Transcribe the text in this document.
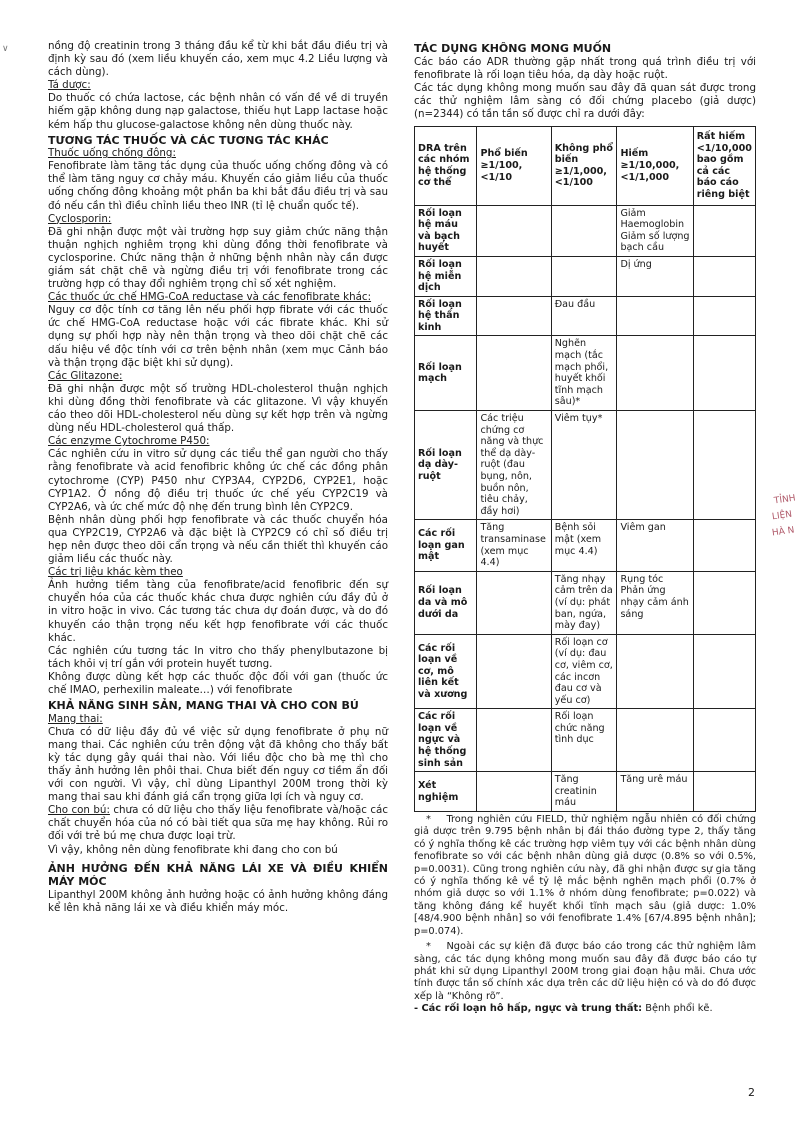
∨	nồng độ creatinin trong 3 tháng đầu kể từ khi bắt đầu điều trị và định kỳ sau đó (xem liều khuyến cáo, xem mục 4.2 Liều lượng và cách dùng).

Tá dược:

Do thuốc có chứa lactose, các bệnh nhân có vấn đề về di truyền hiếm gặp không dung nạp galactose, thiếu hụt Lapp lactase hoặc kém hấp thu glucose-galactose không nên dùng thuốc này.

TƯƠNG TÁC THUỐC VÀ CÁC TƯƠNG TÁC KHÁC

Thuốc uống chống đông:

Fenofibrate làm tăng tác dụng của thuốc uống chống đông và có thể làm tăng nguy cơ chảy máu. Khuyến cáo giảm liều của thuốc uống chống đông khoảng một phần ba khi bắt đầu điều trị và sau đó nếu cần thì điều chỉnh liều theo INR (tỉ lệ chuẩn quốc tế).

Cyclosporin:

Đã ghi nhận được một vài trường hợp suy giảm chức năng thận thuận nghịch nghiêm trọng khi dùng đồng thời fenofibrate và cyclosporine. Chức năng thận ở những bệnh nhân này cần được giám sát chặt chẽ và ngừng điều trị với fenofibrate trong các trường hợp có thay đổi nghiêm trọng chỉ số xét nghiệm.

Các thuốc ức chế HMG-CoA reductase và các fenofibrate khác:

Nguy cơ độc tính cơ tăng lên nếu phối hợp fibrate với các thuốc ức chế HMG-CoA reductase hoặc với các fibrate khác. Khi sử dụng sự phối hợp này nên thận trọng và theo dõi chặt chẽ các dấu hiệu về độc tính với cơ trên bệnh nhân (xem mục Cảnh báo và thận trọng đặc biệt khi sử dụng).

Các Glitazone:

Đã ghi nhận được một số trường HDL-cholesterol thuận nghịch khi dùng đồng thời fenofibrate và các glitazone. Vì vậy khuyến cáo theo dõi HDL-cholesterol nếu dùng sự kết hợp trên và ngừng dùng nếu HDL-cholesterol quá thấp.

Các enzyme Cytochrome P450:

Các nghiên cứu in vitro sử dụng các tiểu thể gan người cho thấy rằng fenofibrate và acid fenofibric không ức chế các đồng phân cytochrome (CYP) P450 như CYP3A4, CYP2D6, CYP2E1, hoặc CYP1A2. Ở nồng độ điều trị thuốc ức chế yếu CYP2C19 và CYP2A6, và ức chế mức độ nhẹ đến trung bình lên CYP2C9.

Bệnh nhân dùng phối hợp fenofibrate và các thuốc chuyển hóa qua CYP2C19, CYP2A6 và đặc biệt là CYP2C9 có chỉ số điều trị hẹp nên được theo dõi cẩn trọng và nếu cần thiết thì khuyến cáo giảm liều các thuốc này.

Các trị liệu khác kèm theo

Ảnh hưởng tiềm tàng của fenofibrate/acid fenofibric đến sự chuyển hóa của các thuốc khác chưa được nghiên cứu đầy đủ ở in vitro hoặc in vivo. Các tương tác chưa dự đoán được, và do đó khuyến cáo thận trọng nếu kết hợp fenofibrate với các thuốc khác.

Các nghiên cứu tương tác In vitro cho thấy phenylbutazone bị tách khỏi vị trí gắn với protein huyết tương.

Không được dùng kết hợp các thuốc độc đối với gan (thuốc ức chế IMAO, perhexilin maleate…) với fenofibrate

KHẢ NĂNG SINH SẢN, MANG THAI VÀ CHO CON BÚ

Mang thai:

Chưa có dữ liệu đầy đủ về việc sử dụng fenofibrate ở phụ nữ mang thai. Các nghiên cứu trên động vật đã không cho thấy bất kỳ tác dụng gây quái thai nào. Với liều độc cho bà mẹ thì cho thấy ảnh hưởng lên phôi thai. Chưa biết đến nguy cơ tiềm ẩn đối với con người. Vì vậy, chỉ dùng Lipanthyl 200M trong thời kỳ mang thai sau khi đánh giá cẩn trọng giữa lợi ích và nguy cơ.

Cho con bú: chưa có dữ liệu cho thấy liệu fenofibrate và/hoặc các chất chuyển hóa của nó có bài tiết qua sữa mẹ hay không. Rủi ro đối với trẻ bú mẹ chưa được loại trừ.

Vì vậy, không nên dùng fenofibrate khi đang cho con bú

ẢNH HƯỞNG ĐẾN KHẢ NĂNG LÁI XE VÀ ĐIỀU KHIỂN MÁY MÓC

Lipanthyl 200M không ảnh hưởng hoặc có ảnh hưởng không đáng kể lên khả năng lái xe và điều khiển máy móc.

TÁC DỤNG KHÔNG MONG MUỐN

Các báo cáo ADR thường gặp nhất trong quá trình điều trị với fenofibrate là rối loạn tiêu hóa, dạ dày hoặc ruột.

Các tác dụng không mong muốn sau đây đã quan sát được trong các thử nghiệm lâm sàng có đối chứng placebo (giả dược) (n=2344) có tần tần số được chỉ ra dưới đây:

DRA trên các nhóm hệ thống cơ thể	Phổ biến ≥1/100, <1/10	Không phổ biến ≥1/1,000, <1/100	Hiếm ≥1/10,000, <1/1,000	Rất hiếm <1/10,000 bao gồm cả các báo cáo riêng biệt
Rối loạn hệ máu và bạch huyết			Giảm Haemoglobin
Giảm số lượng bạch cầu	

Rối loạn hệ miễn dịch			Dị ứng	

Rối loạn hệ thần kinh		Đau đầu		

Rối loạn mạch		Nghẽn mạch (tắc mạch phổi, huyết khối tĩnh mạch sâu)*		

Rối loạn dạ dày-ruột	Các triệu chứng cơ năng và thực thể dạ dày-ruột (đau bụng, nôn, buồn nôn, tiêu chảy, đầy hơi)	Viêm tụy*		

Các rối loạn gan mật	Tăng transaminase (xem mục 4.4)	Bệnh sỏi mật (xem mục 4.4)	Viêm gan	

Rối loạn da và mô dưới da		Tăng nhạy cảm trên da (ví dụ: phát ban, ngứa, mày đay)	Rụng tóc
Phản ứng nhạy cảm ánh sáng	

Các rối loạn về cơ, mô liên kết và xương		Rối loạn cơ (ví dụ: đau cơ, viêm cơ, các incơn đau cơ và yếu cơ)		

Các rối loạn về ngực và hệ thống sinh sản		Rối loạn chức năng tình dục		

Xét nghiệm		Tăng creatinin máu	Tăng urê máu	

* Trong nghiên cứu FIELD, thử nghiệm ngẫu nhiên có đối chứng giả dược trên 9.795 bệnh nhân bị đái tháo đường type 2, thấy tăng có ý nghĩa thống kê các trường hợp viêm tụy với các bệnh nhân dùng fenofibrate so với các bệnh nhân dùng giả dược (0.8% so với 0.5%, p=0.0031). Cũng trong nghiên cứu này, đã ghi nhận được sự gia tăng có ý nghĩa thống kê về tỷ lệ mắc bệnh nghẽn mạch phổi (0.7% ở nhóm giả dược so với 1.1% ở nhóm dùng fenofibrate; p=0.022) và tăng không đáng kể huyết khối tĩnh mạch sâu (giả dược: 1.0% [48/4.900 bệnh nhân] so với fenofibrate 1.4% [67/4.895 bệnh nhân]; p=0.074).

* Ngoài các sự kiện đã được báo cáo trong các thử nghiệm lâm sàng, các tác dụng không mong muốn sau đây đã được báo cáo tự phát khi sử dụng Lipanthyl 200M trong giai đoạn hậu mãi. Chưa ước tính được tần số chính xác dựa trên các dữ liệu hiện có và do đó được xếp là “Không rõ”.

- Các rối loạn hô hấp, ngực và trung thất: Bệnh phổi kẽ.

TỈNH
LIỆN
HÀ N
2
